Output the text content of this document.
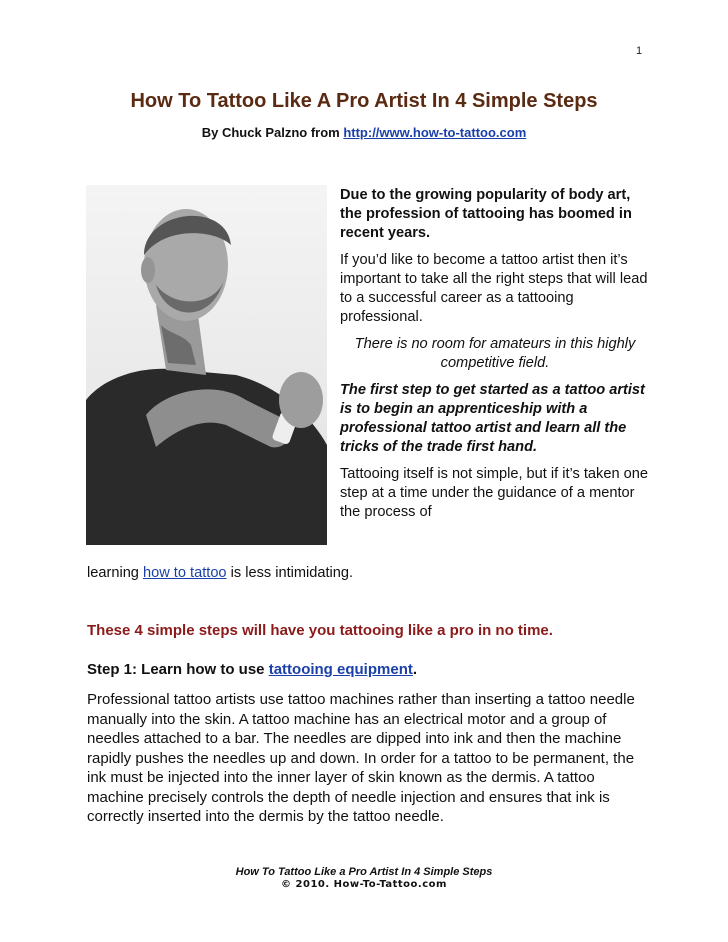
1
How To Tattoo Like A Pro Artist In 4 Simple Steps
By Chuck Palzno from http://www.how-to-tattoo.com

Due to the growing popularity of body art, the profession of tattooing has boomed in recent years.

If you’d like to become a tattoo artist then it’s important to take all the right steps that will lead to a successful career as a tattooing professional.

There is no room for amateurs in this highly competitive field.

The first step to get started as a tattoo artist is to begin an apprenticeship with a professional tattoo artist and learn all the tricks of the trade first hand.

Tattooing itself is not simple, but if it’s taken one step at a time under the guidance of a mentor the process of

learning how to tattoo is less intimidating.
These 4 simple steps will have you tattooing like a pro in no time.
Step 1: Learn how to use tattooing equipment.

Professional tattoo artists use tattoo machines rather than inserting a tattoo needle manually into the skin. A tattoo machine has an electrical motor and a group of needles attached to a bar. The needles are dipped into ink and then the machine rapidly pushes the needles up and down. In order for a tattoo to be permanent, the ink must be injected into the inner layer of skin known as the dermis. A tattoo machine precisely controls the depth of needle injection and ensures that ink is correctly inserted into the dermis by the tattoo needle.

How To Tattoo Like a Pro Artist In 4 Simple Steps
© 2010. How-To-Tattoo.com
